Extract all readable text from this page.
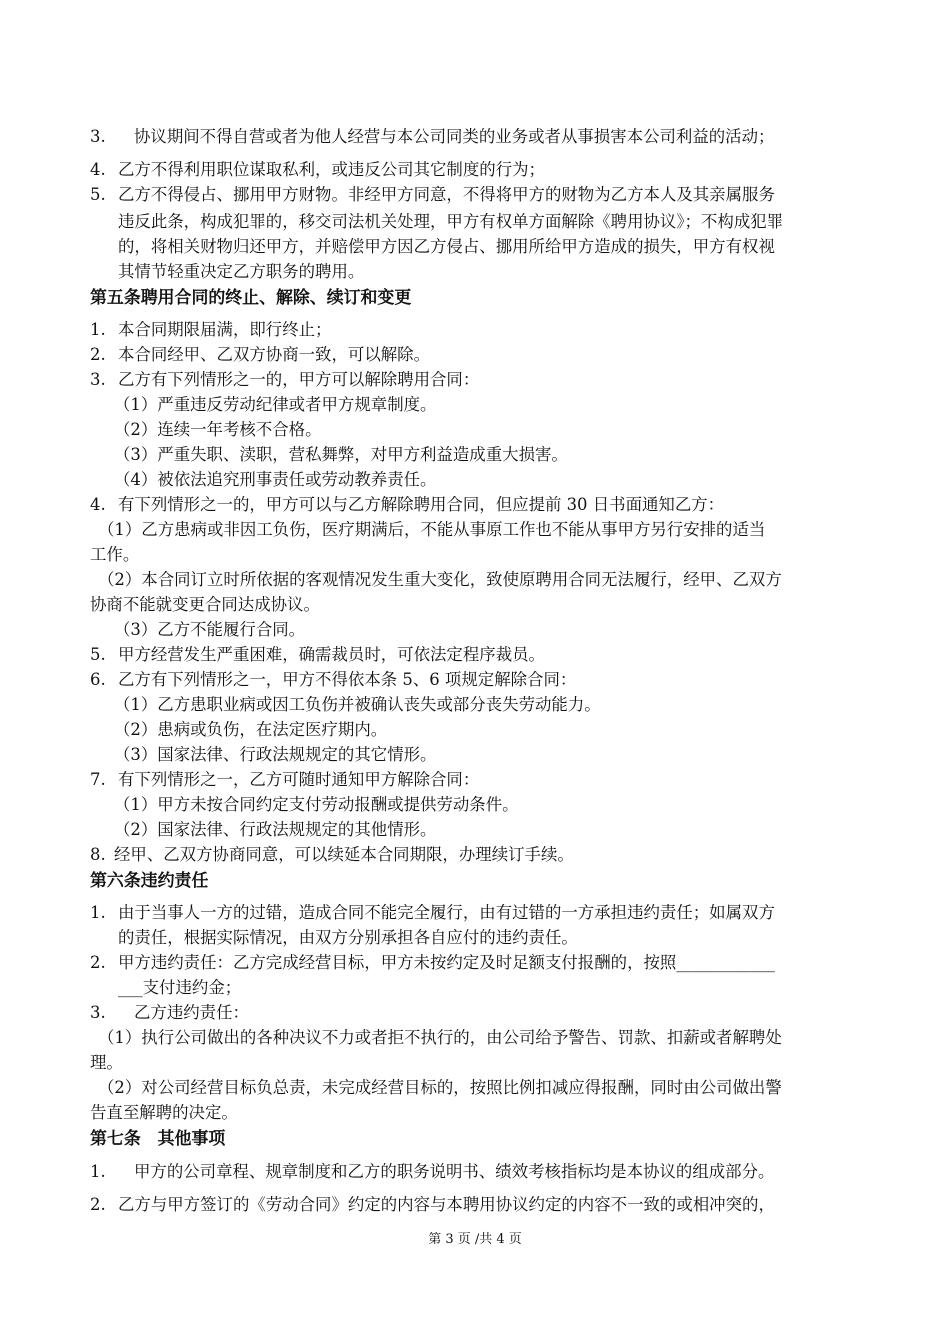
3. 协议期间不得自营或者为他人经营与本公司同类的业务或者从事损害本公司利益的活动；
4. 乙方不得利用职位谋取私利，或违反公司其它制度的行为；
5. 乙方不得侵占、挪用甲方财物。非经甲方同意，不得将甲方的财物为乙方本人及其亲属服务
违反此条，构成犯罪的，移交司法机关处理，甲方有权单方面解除《聘用协议》；不构成犯罪
的，将相关财物归还甲方，并赔偿甲方因乙方侵占、挪用所给甲方造成的损失，甲方有权视
其情节轻重决定乙方职务的聘用。
第五条聘用合同的终止、解除、续订和变更
1. 本合同期限届满，即行终止；
2. 本合同经甲、乙双方协商一致，可以解除。
3. 乙方有下列情形之一的，甲方可以解除聘用合同：
（1）严重违反劳动纪律或者甲方规章制度。
（2）连续一年考核不合格。
（3）严重失职、渎职，营私舞弊，对甲方利益造成重大损害。
（4）被依法追究刑事责任或劳动教养责任。
4. 有下列情形之一的，甲方可以与乙方解除聘用合同，但应提前 30 日书面通知乙方：
（1）乙方患病或非因工负伤，医疗期满后，不能从事原工作也不能从事甲方另行安排的适当
工作。
（2）本合同订立时所依据的客观情况发生重大变化，致使原聘用合同无法履行，经甲、乙双方
协商不能就变更合同达成协议。
（3）乙方不能履行合同。
5. 甲方经营发生严重困难，确需裁员时，可依法定程序裁员。
6. 乙方有下列情形之一，甲方不得依本条 5、6 项规定解除合同：
（1）乙方患职业病或因工负伤并被确认丧失或部分丧失劳动能力。
（2）患病或负伤，在法定医疗期内。
（3）国家法律、行政法规规定的其它情形。
7. 有下列情形之一，乙方可随时通知甲方解除合同：
（1）甲方未按合同约定支付劳动报酬或提供劳动条件。
（2）国家法律、行政法规规定的其他情形。
8. 经甲、乙双方协商同意，可以续延本合同期限，办理续订手续。
第六条违约责任
1. 由于当事人一方的过错，造成合同不能完全履行，由有过错的一方承担违约责任；如属双方
的责任，根据实际情况，由双方分别承担各自应付的违约责任。
2. 甲方违约责任：乙方完成经营目标，甲方未按约定及时足额支付报酬的，按照____________
___支付违约金；
3. 乙方违约责任：
（1）执行公司做出的各种决议不力或者拒不执行的，由公司给予警告、罚款、扣薪或者解聘处
理。
（2）对公司经营目标负总责，未完成经营目标的，按照比例扣减应得报酬，同时由公司做出警
告直至解聘的决定。
第七条　其他事项
1. 甲方的公司章程、规章制度和乙方的职务说明书、绩效考核指标均是本协议的组成部分。
2. 乙方与甲方签订的《劳动合同》约定的内容与本聘用协议约定的内容不一致的或相冲突的，
第 3 页 /共 4 页
